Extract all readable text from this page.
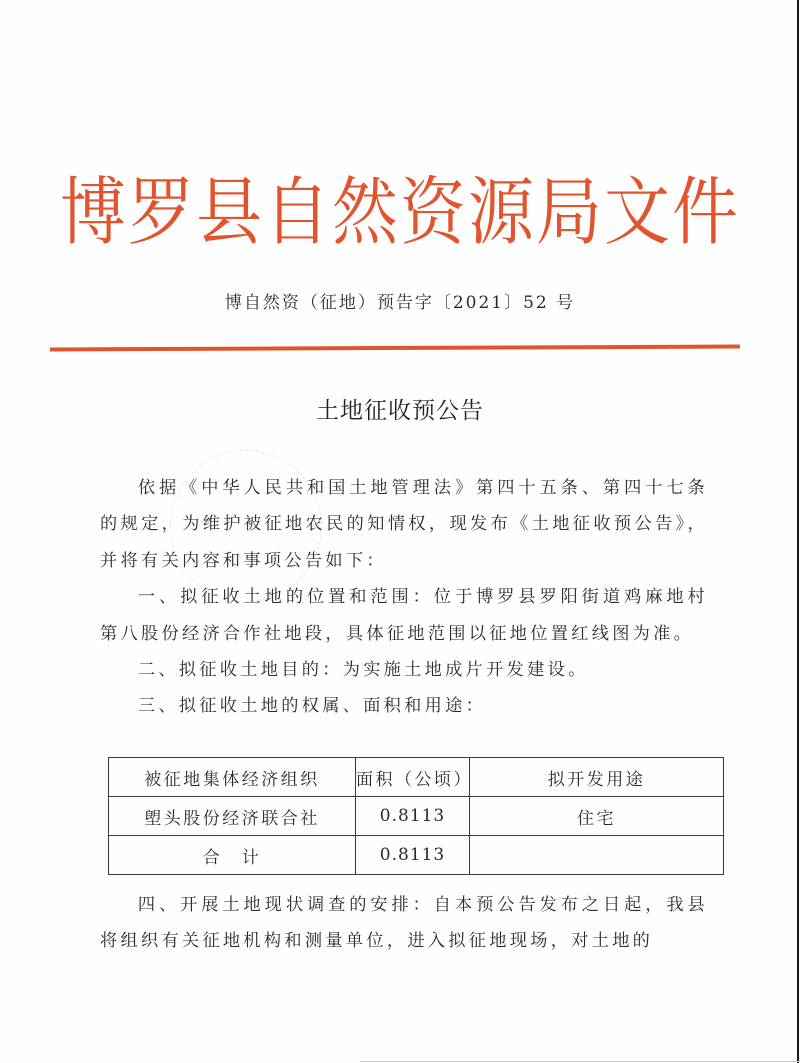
博罗县自然资源局文件
博自然资（征地）预告字〔2021〕52 号
土地征收预公告

依据《中华人民共和国土地管理法》第四十五条、第四十七条的规定，为维护被征地农民的知情权，现发布《土地征收预公告》，并将有关内容和事项公告如下：

一、拟征收土地的位置和范围：位于博罗县罗阳街道鸡麻地村第八股份经济合作社地段，具体征地范围以征地位置红线图为准。

二、拟征收土地目的：为实施土地成片开发建设。

三、拟征收土地的权属、面积和用途：

被征地集体经济组织	面积（公顷）	拟开发用途
塱头股份经济联合社	0.8113	住宅
合　计	0.8113	

四、开展土地现状调查的安排：自本预公告发布之日起，我县将组织有关征地机构和测量单位，进入拟征地现场，对土地的
